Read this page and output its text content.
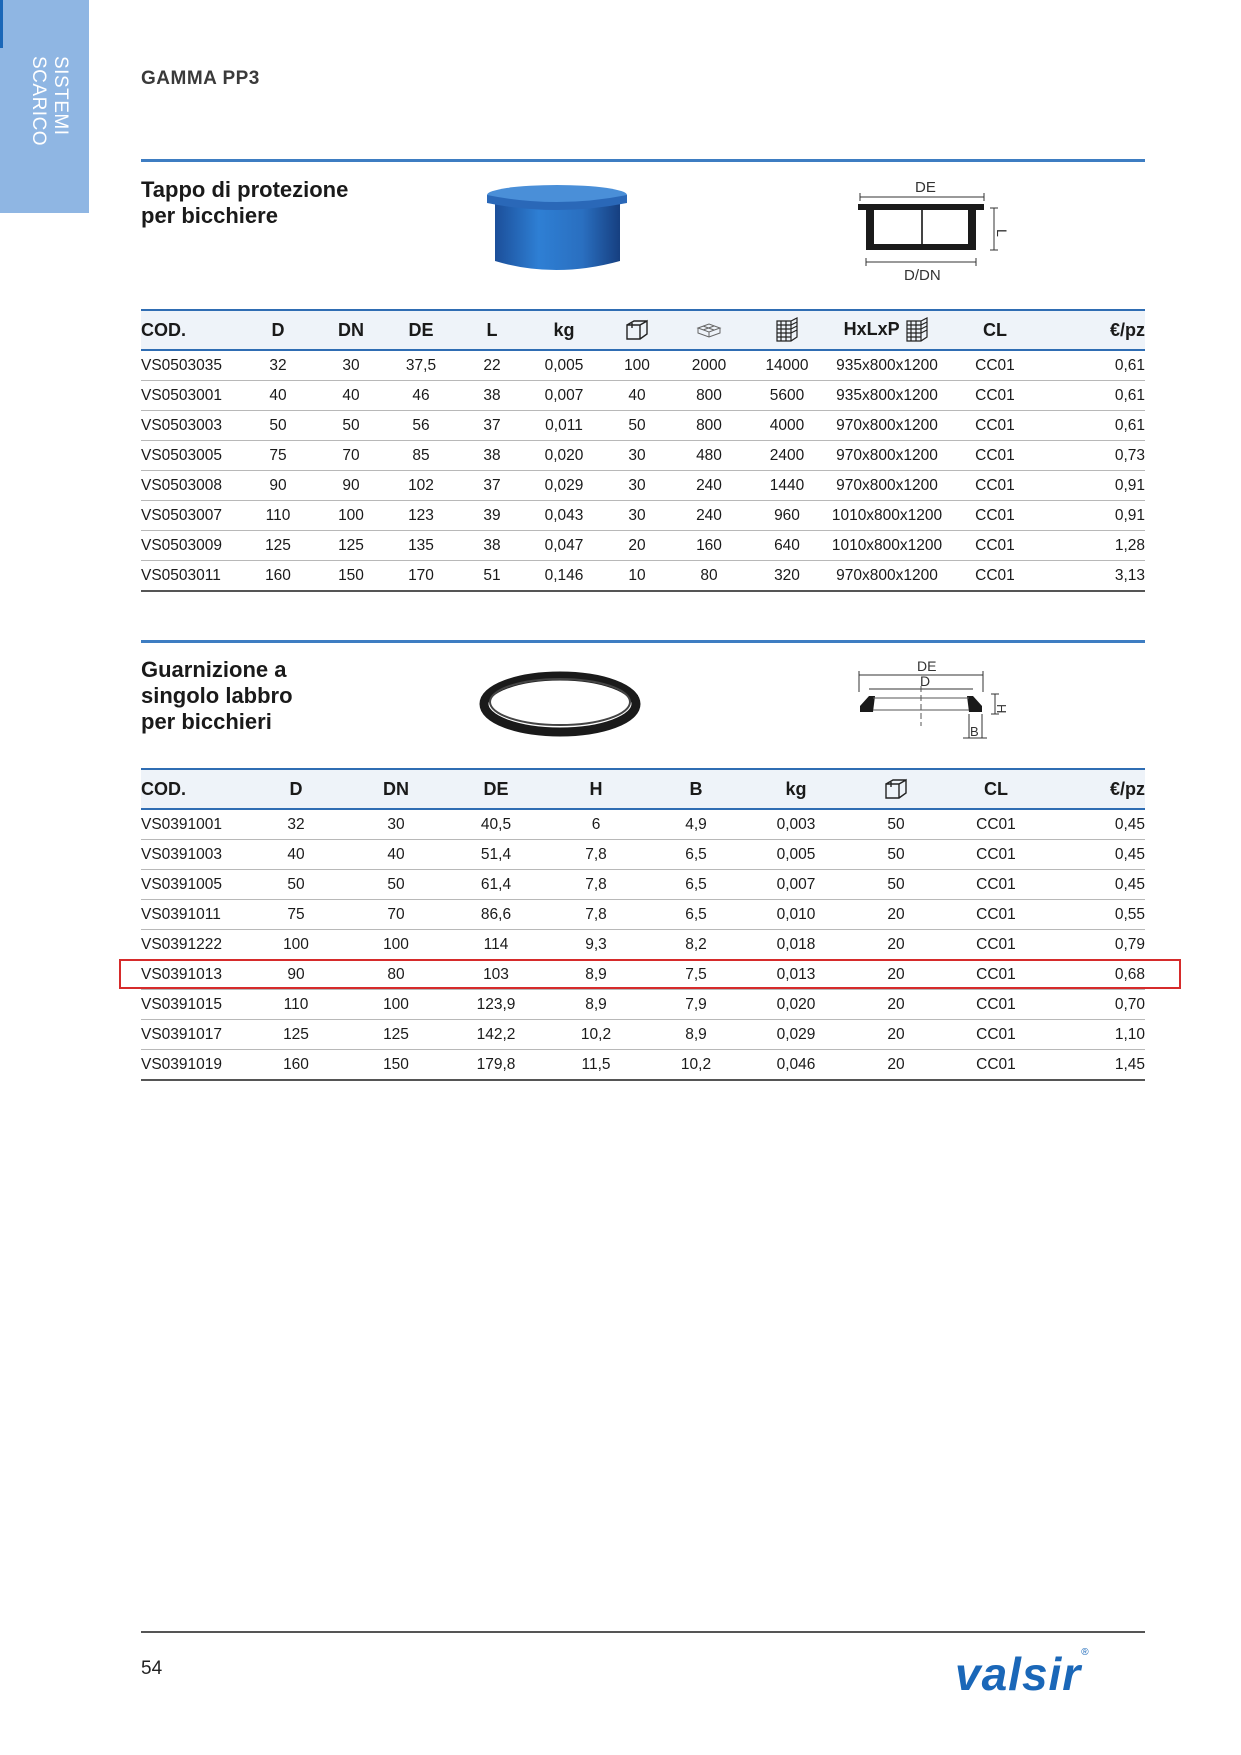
SISTEMI
SCARICO	GAMMA PP3
Tappo di protezione
per bicchiere
DE
L
D/DN
COD.	D	DN	DE	L	kg				HxLxP	CL	€/pz
VS0503035	32	30	37,5	22	0,005	100	2000	14000	935x800x1200	CC01	0,61
VS0503001	40	40	46	38	0,007	40	800	5600	935x800x1200	CC01	0,61
VS0503003	50	50	56	37	0,011	50	800	4000	970x800x1200	CC01	0,61
VS0503005	75	70	85	38	0,020	30	480	2400	970x800x1200	CC01	0,73
VS0503008	90	90	102	37	0,029	30	240	1440	970x800x1200	CC01	0,91
VS0503007	110	100	123	39	0,043	30	240	960	1010x800x1200	CC01	0,91
VS0503009	125	125	135	38	0,047	20	160	640	1010x800x1200	CC01	1,28
VS0503011	160	150	170	51	0,146	10	80	320	970x800x1200	CC01	3,13
Guarnizione a
singolo labbro
per bicchieri
DE
D
H
B
COD.	D	DN	DE	H	B	kg		CL	€/pz
VS0391001	32	30	40,5	6	4,9	0,003	50	CC01	0,45
VS0391003	40	40	51,4	7,8	6,5	0,005	50	CC01	0,45
VS0391005	50	50	61,4	7,8	6,5	0,007	50	CC01	0,45
VS0391011	75	70	86,6	7,8	6,5	0,010	20	CC01	0,55
VS0391222	100	100	114	9,3	8,2	0,018	20	CC01	0,79
VS0391013	90	80	103	8,9	7,5	0,013	20	CC01	0,68
VS0391015	110	100	123,9	8,9	7,9	0,020	20	CC01	0,70
VS0391017	125	125	142,2	10,2	8,9	0,029	20	CC01	1,10
VS0391019	160	150	179,8	11,5	10,2	0,046	20	CC01	1,45
54	valsir®
